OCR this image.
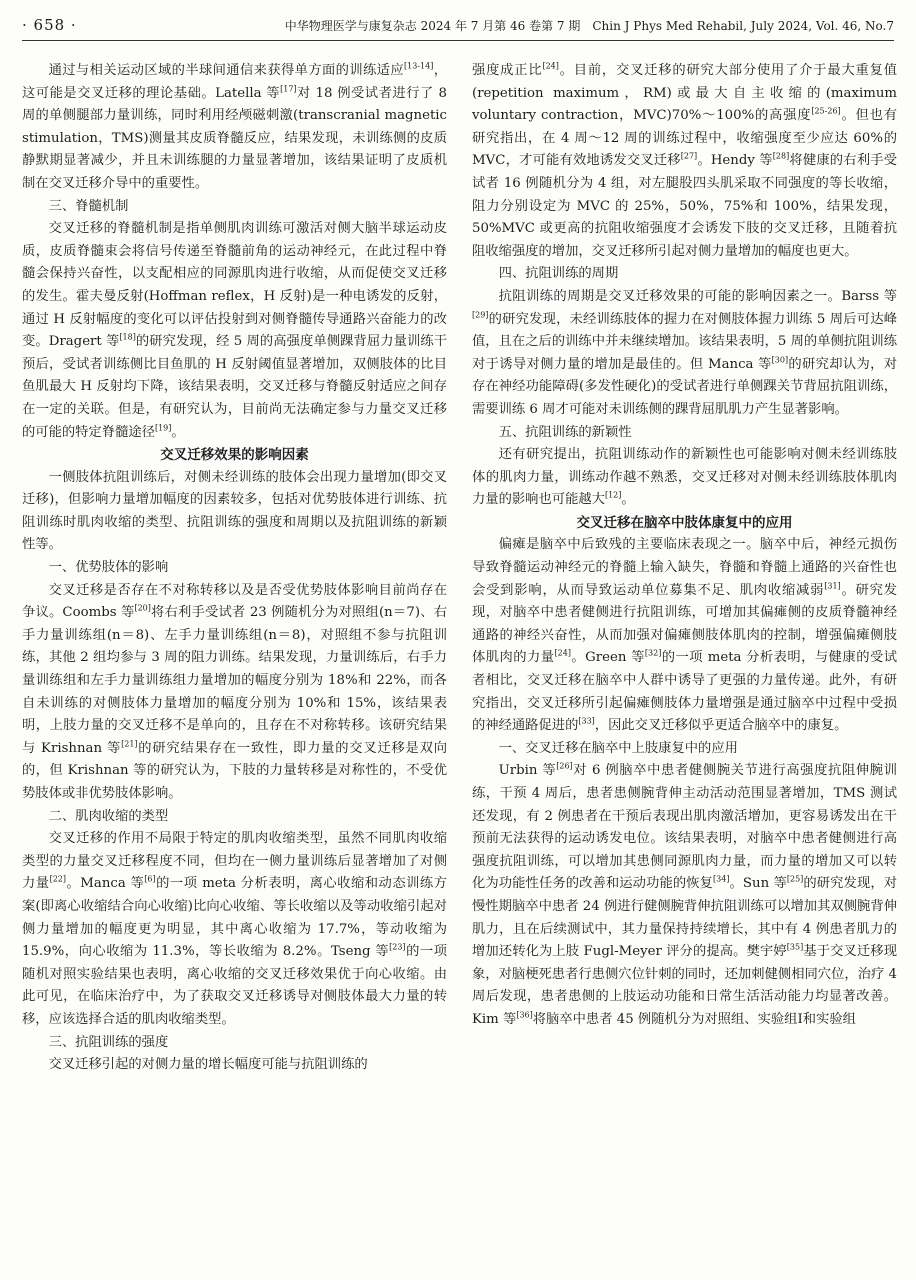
· 658 ·	中华物理医学与康复杂志 2024 年 7 月第 46 卷第 7 期　Chin J Phys Med Rehabil, July 2024, Vol. 46, No.7

通过与相关运动区域的半球间通信来获得单方面的训练适应[13-14]，这可能是交叉迁移的理论基础。Latella 等[17]对 18 例受试者进行了 8 周的单侧腿部力量训练，同时利用经颅磁刺激(transcranial magnetic stimulation，TMS)测量其皮质脊髓反应，结果发现，未训练侧的皮质静默期显著减少，并且未训练腿的力量显著增加，该结果证明了皮质机制在交叉迁移介导中的重要性。

三、脊髓机制

交叉迁移的脊髓机制是指单侧肌肉训练可激活对侧大脑半球运动皮质，皮质脊髓束会将信号传递至脊髓前角的运动神经元，在此过程中脊髓会保持兴奋性，以支配相应的同源肌肉进行收缩，从而促使交叉迁移的发生。霍夫曼反射(Hoffman reflex，H 反射)是一种电诱发的反射，通过 H 反射幅度的变化可以评估投射到对侧脊髓传导通路兴奋能力的改变。Dragert 等[18]的研究发现，经 5 周的高强度单侧踝背屈力量训练干预后，受试者训练侧比目鱼肌的 H 反射阈值显著增加，双侧肢体的比目鱼肌最大 H 反射均下降，该结果表明，交叉迁移与脊髓反射适应之间存在一定的关联。但是，有研究认为，目前尚无法确定参与力量交叉迁移的可能的特定脊髓途径[19]。

交叉迁移效果的影响因素

一侧肢体抗阻训练后，对侧未经训练的肢体会出现力量增加(即交叉迁移)，但影响力量增加幅度的因素较多，包括对优势肢体进行训练、抗阻训练时肌肉收缩的类型、抗阻训练的强度和周期以及抗阻训练的新颖性等。

一、优势肢体的影响

交叉迁移是否存在不对称转移以及是否受优势肢体影响目前尚存在争议。Coombs 等[20]将右利手受试者 23 例随机分为对照组(n＝7)、右手力量训练组(n＝8)、左手力量训练组(n＝8)，对照组不参与抗阻训练，其他 2 组均参与 3 周的阻力训练。结果发现，力量训练后，右手力量训练组和左手力量训练组力量增加的幅度分别为 18%和 22%，而各自未训练的对侧肢体力量增加的幅度分别为 10%和 15%，该结果表明，上肢力量的交叉迁移不是单向的，且存在不对称转移。该研究结果与 Krishnan 等[21]的研究结果存在一致性，即力量的交叉迁移是双向的，但 Krishnan 等的研究认为，下肢的力量转移是对称性的，不受优势肢体或非优势肢体影响。

二、肌肉收缩的类型

交叉迁移的作用不局限于特定的肌肉收缩类型，虽然不同肌肉收缩类型的力量交叉迁移程度不同，但均在一侧力量训练后显著增加了对侧力量[22]。Manca 等[6]的一项 meta 分析表明，离心收缩和动态训练方案(即离心收缩结合向心收缩)比向心收缩、等长收缩以及等动收缩引起对侧力量增加的幅度更为明显，其中离心收缩为 17.7%，等动收缩为 15.9%，向心收缩为 11.3%，等长收缩为 8.2%。Tseng 等[23]的一项随机对照实验结果也表明，离心收缩的交叉迁移效果优于向心收缩。由此可见，在临床治疗中，为了获取交叉迁移诱导对侧肢体最大力量的转移，应该选择合适的肌肉收缩类型。

三、抗阻训练的强度

交叉迁移引起的对侧力量的增长幅度可能与抗阻训练的

强度成正比[24]。目前，交叉迁移的研究大部分使用了介于最大重复值(repetition maximum，RM)或最大自主收缩的(maximum voluntary contraction，MVC)70%～100%的高强度[25-26]。但也有研究指出，在 4 周～12 周的训练过程中，收缩强度至少应达 60%的 MVC，才可能有效地诱发交叉迁移[27]。Hendy 等[28]将健康的右利手受试者 16 例随机分为 4 组，对左腿股四头肌采取不同强度的等长收缩，阻力分别设定为 MVC 的 25%，50%，75%和 100%，结果发现，50%MVC 或更高的抗阻收缩强度才会诱发下肢的交叉迁移，且随着抗阻收缩强度的增加，交叉迁移所引起对侧力量增加的幅度也更大。

四、抗阻训练的周期

抗阻训练的周期是交叉迁移效果的可能的影响因素之一。Barss 等[29]的研究发现，未经训练肢体的握力在对侧肢体握力训练 5 周后可达峰值，且在之后的训练中并未继续增加。该结果表明，5 周的单侧抗阻训练对于诱导对侧力量的增加是最佳的。但 Manca 等[30]的研究却认为，对存在神经功能障碍(多发性硬化)的受试者进行单侧踝关节背屈抗阻训练，需要训练 6 周才可能对未训练侧的踝背屈肌肌力产生显著影响。

五、抗阻训练的新颖性

还有研究提出，抗阻训练动作的新颖性也可能影响对侧未经训练肢体的肌肉力量，训练动作越不熟悉，交叉迁移对对侧未经训练肢体肌肉力量的影响也可能越大[12]。

交叉迁移在脑卒中肢体康复中的应用

偏瘫是脑卒中后致残的主要临床表现之一。脑卒中后，神经元损伤导致脊髓运动神经元的脊髓上输入缺失，脊髓和脊髓上通路的兴奋性也会受到影响，从而导致运动单位募集不足、肌肉收缩减弱[31]。研究发现，对脑卒中患者健侧进行抗阻训练，可增加其偏瘫侧的皮质脊髓神经通路的神经兴奋性，从而加强对偏瘫侧肢体肌肉的控制，增强偏瘫侧肢体肌肉的力量[24]。Green 等[32]的一项 meta 分析表明，与健康的受试者相比，交叉迁移在脑卒中人群中诱导了更强的力量传递。此外，有研究指出，交叉迁移所引起偏瘫侧肢体力量增强是通过脑卒中过程中受损的神经通路促进的[33]，因此交叉迁移似乎更适合脑卒中的康复。

一、交叉迁移在脑卒中上肢康复中的应用

Urbin 等[26]对 6 例脑卒中患者健侧腕关节进行高强度抗阻伸腕训练，干预 4 周后，患者患侧腕背伸主动活动范围显著增加，TMS 测试还发现，有 2 例患者在干预后表现出肌肉激活增加，更容易诱发出在干预前无法获得的运动诱发电位。该结果表明，对脑卒中患者健侧进行高强度抗阻训练，可以增加其患侧同源肌肉力量，而力量的增加又可以转化为功能性任务的改善和运动功能的恢复[34]。Sun 等[25]的研究发现，对慢性期脑卒中患者 24 例进行健侧腕背伸抗阻训练可以增加其双侧腕背伸肌力，且在后续测试中，其力量保持持续增长，其中有 4 例患者肌力的增加还转化为上肢 Fugl-Meyer 评分的提高。樊宇婷[35]基于交叉迁移现象，对脑梗死患者行患侧穴位针刺的同时，还加刺健侧相同穴位，治疗 4 周后发现，患者患侧的上肢运动功能和日常生活活动能力均显著改善。Kim 等[36]将脑卒中患者 45 例随机分为对照组、实验组Ⅰ和实验组
